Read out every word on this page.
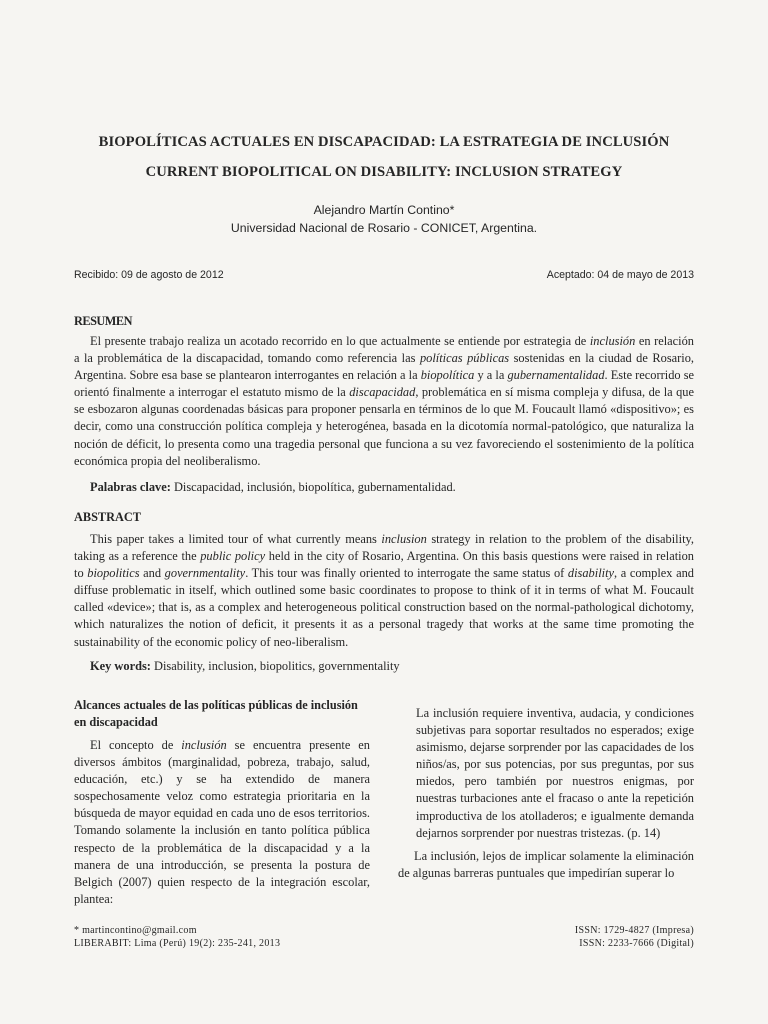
BIOPOLÍTICAS ACTUALES EN DISCAPACIDAD: LA ESTRATEGIA DE INCLUSIÓN
CURRENT BIOPOLITICAL ON DISABILITY: INCLUSION STRATEGY
Alejandro Martín Contino*
Universidad Nacional de Rosario - CONICET, Argentina.
Recibido: 09 de agosto de 2012	Aceptado: 04 de mayo de 2013
RESUMEN

El presente trabajo realiza un acotado recorrido en lo que actualmente se entiende por estrategia de inclusión en relación a la problemática de la discapacidad, tomando como referencia las políticas públicas sostenidas en la ciudad de Rosario, Argentina. Sobre esa base se plantearon interrogantes en relación a la biopolítica y a la gubernamentalidad. Este recorrido se orientó finalmente a interrogar el estatuto mismo de la discapacidad, problemática en sí misma compleja y difusa, de la que se esbozaron algunas coordenadas básicas para proponer pensarla en términos de lo que M. Foucault llamó «dispositivo»; es decir, como una construcción política compleja y heterogénea, basada en la dicotomía normal-patológico, que naturaliza la noción de déficit, lo presenta como una tragedia personal que funciona a su vez favoreciendo el sostenimiento de la política económica propia del neoliberalismo.

Palabras clave: Discapacidad, inclusión, biopolítica, gubernamentalidad.

ABSTRACT

This paper takes a limited tour of what currently means inclusion strategy in relation to the problem of the disability, taking as a reference the public policy held in the city of Rosario, Argentina. On this basis questions were raised in relation to biopolitics and governmentality. This tour was finally oriented to interrogate the same status of disability, a complex and diffuse problematic in itself, which outlined some basic coordinates to propose to think of it in terms of what M. Foucault called «device»; that is, as a complex and heterogeneous political construction based on the normal-pathological dichotomy, which naturalizes the notion of deficit, it presents it as a personal tragedy that works at the same time promoting the sustainability of the economic policy of neo-liberalism.

Key words: Disability, inclusion, biopolitics, governmentality

Alcances actuales de las políticas públicas de inclusión en discapacidad

El concepto de inclusión se encuentra presente en diversos ámbitos (marginalidad, pobreza, trabajo, salud, educación, etc.) y se ha extendido de manera sospechosamente veloz como estrategia prioritaria en la búsqueda de mayor equidad en cada uno de esos territorios. Tomando solamente la inclusión en tanto política pública respecto de la problemática de la discapacidad y a la manera de una introducción, se presenta la postura de Belgich (2007) quien respecto de la integración escolar, plantea:

La inclusión requiere inventiva, audacia, y condiciones subjetivas para soportar resultados no esperados; exige asimismo, dejarse sorprender por las capacidades de los niños/as, por sus potencias, por sus preguntas, por sus miedos, pero también por nuestros enigmas, por nuestras turbaciones ante el fracaso o ante la repetición improductiva de los atolladeros; e igualmente demanda dejarnos sorprender por nuestras tristezas. (p. 14)

La inclusión, lejos de implicar solamente la eliminación de algunas barreras puntuales que impedirían superar lo

* martincontino@gmail.com
LIBERABIT: Lima (Perú) 19(2): 235-241, 2013
ISSN: 1729-4827 (Impresa)
ISSN: 2233-7666 (Digital)
